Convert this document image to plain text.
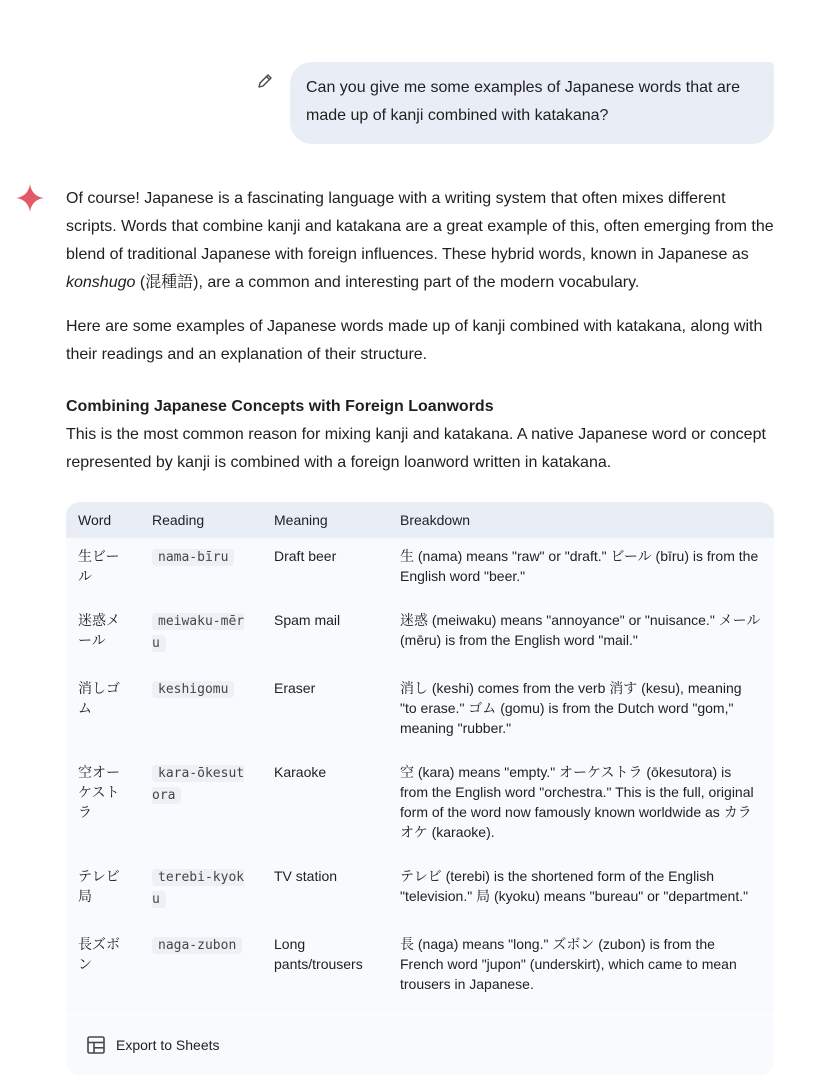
Can you give me some examples of Japanese words that are made up of kanji combined with katakana?

Of course! Japanese is a fascinating language with a writing system that often mixes different scripts. Words that combine kanji and katakana are a great example of this, often emerging from the blend of traditional Japanese with foreign influences. These hybrid words, known in Japanese as konshugo (混種語), are a common and interesting part of the modern vocabulary.

Here are some examples of Japanese words made up of kanji combined with katakana, along with their readings and an explanation of their structure.

Combining Japanese Concepts with Foreign Loanwords

This is the most common reason for mixing kanji and katakana. A native Japanese word or concept represented by kanji is combined with a foreign loanword written in katakana.

Word	Reading	Meaning	Breakdown
生ビール	nama-bīru	Draft beer	生 (nama) means "raw" or "draft." ビール (bīru) is from the English word "beer."
迷惑メール	meiwaku-mēru	Spam mail	迷惑 (meiwaku) means "annoyance" or "nuisance." メール (mēru) is from the English word "mail."
消しゴム	keshigomu	Eraser	消し (keshi) comes from the verb 消す (kesu), meaning "to erase." ゴム (gomu) is from the Dutch word "gom," meaning "rubber."
空オーケストラ	kara-ōkesutora	Karaoke	空 (kara) means "empty." オーケストラ (ōkesutora) is from the English word "orchestra." This is the full, original form of the word now famously known worldwide as カラオケ (karaoke).
テレビ局	terebi-kyoku	TV station	テレビ (terebi) is the shortened form of the English "television." 局 (kyoku) means "bureau" or "department."
長ズボン	naga-zubon	Long pants/trousers	長 (naga) means "long." ズボン (zubon) is from the French word "jupon" (underskirt), which came to mean trousers in Japanese.

Export to Sheets
